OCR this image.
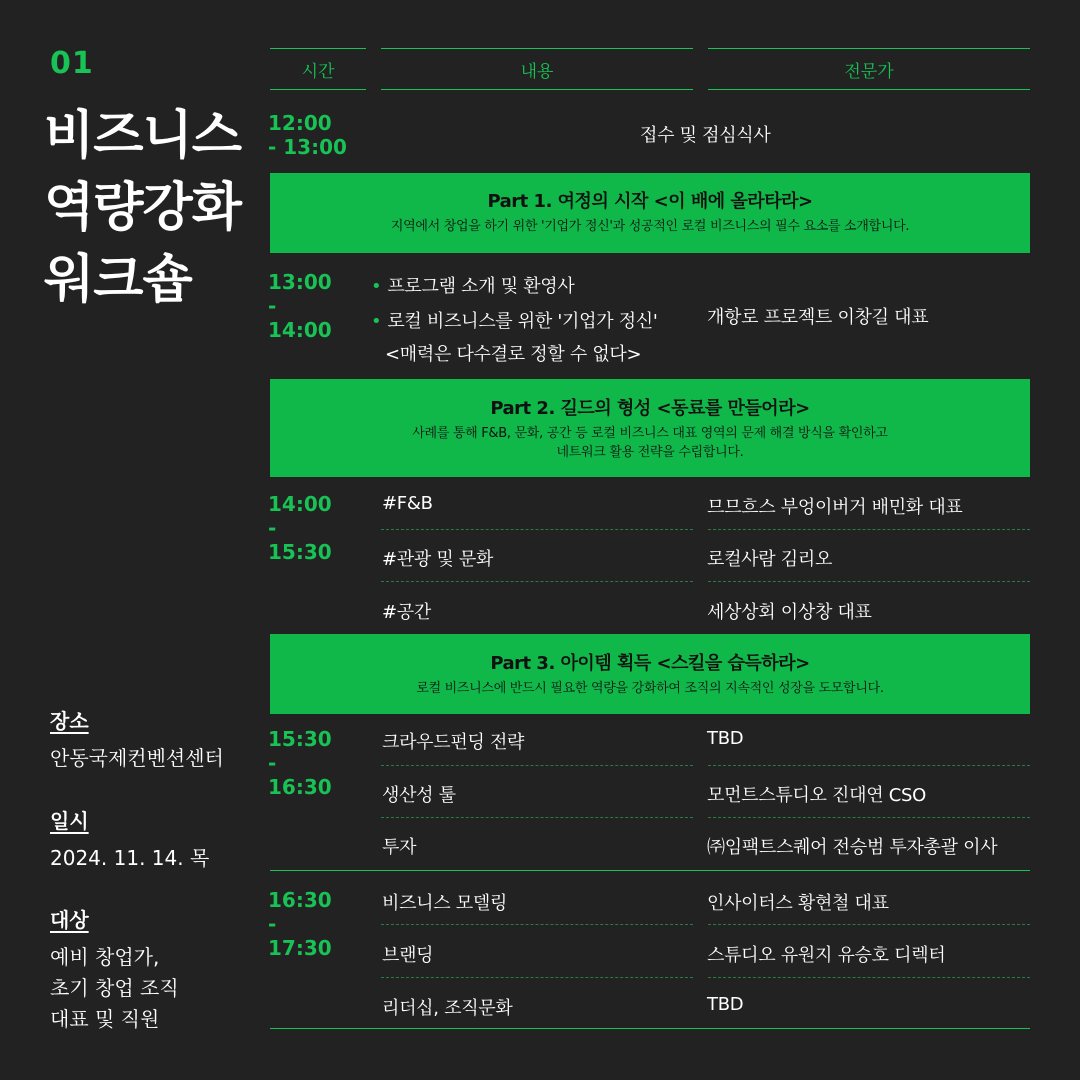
01
비즈니스
역량강화
워크숍
장소
안동국제컨벤션센터
일시
2024. 11. 14. 목
대상
예비 창업가,
초기 창업 조직
대표 및 직원
시간	내용	전문가
12:00
- 13:00	접수 및 점심식사
Part 1. 여정의 시작 <이 배에 올라타라>
지역에서 창업을 하기 위한 '기업가 정신'과 성공적인 로컬 비즈니스의 필수 요소를 소개합니다.
13:00
-
14:00
• 프로그램 소개 및 환영사
• 로컬 비즈니스를 위한 '기업가 정신'
<매력은 다수결로 정할 수 없다>
개항로 프로젝트 이창길 대표
Part 2. 길드의 형성 <동료를 만들어라>
사례를 통해 F&B, 문화, 공간 등 로컬 비즈니스 대표 영역의 문제 해결 방식을 확인하고
네트워크 활용 전략을 수립합니다.
14:00
-
15:30
#F&B	므므흐스 부엉이버거 배민화 대표
#관광 및 문화	로컬사람 김리오
#공간	세상상회 이상창 대표
Part 3. 아이템 획득 <스킬을 습득하라>
로컬 비즈니스에 반드시 필요한 역량을 강화하여 조직의 지속적인 성장을 도모합니다.
15:30
-
16:30
크라우드펀딩 전략	TBD
생산성 툴	모먼트스튜디오 진대연 CSO
투자	㈜임팩트스퀘어 전승범 투자총괄 이사
16:30
-
17:30
비즈니스 모델링	인사이터스 황현철 대표
브랜딩	스튜디오 유원지 유승호 디렉터
리더십, 조직문화	TBD
